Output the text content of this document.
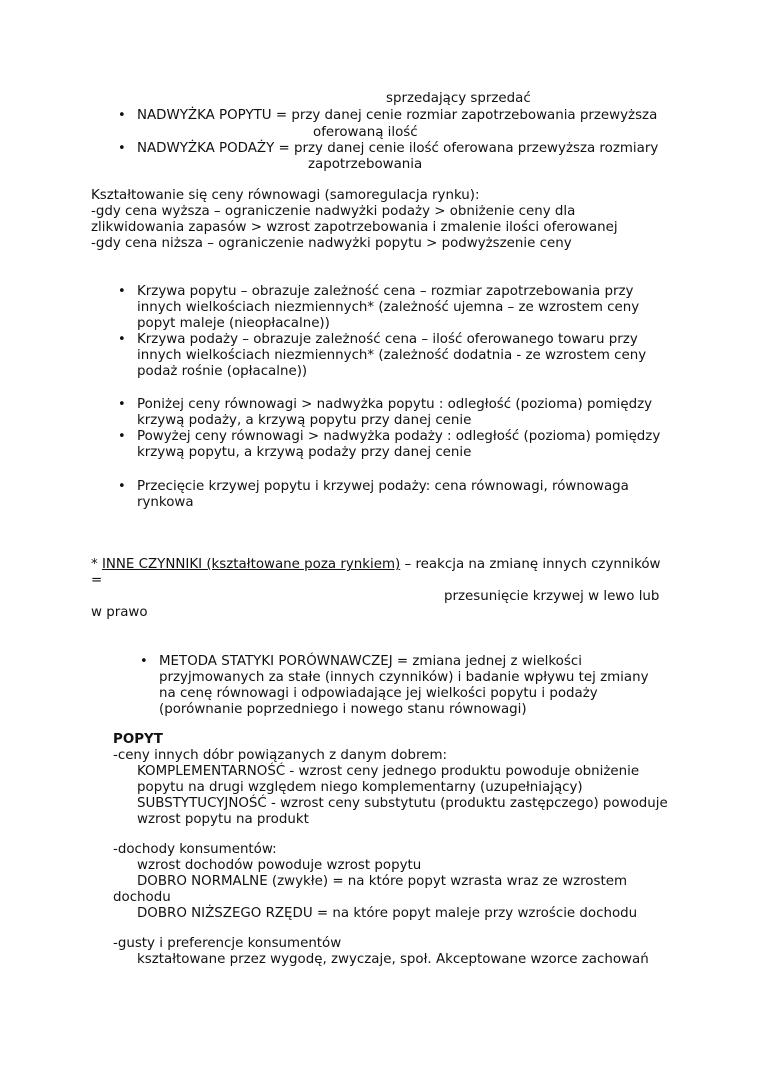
sprzedający sprzedać
• NADWYŻKA POPYTU = przy danej cenie rozmiar zapotrzebowania przewyższa
oferowaną ilość
• NADWYŻKA PODAŻY = przy danej cenie ilość oferowana przewyższa rozmiary
zapotrzebowania
Kształtowanie się ceny równowagi (samoregulacja rynku):
-gdy cena wyższa – ograniczenie nadwyżki podaży > obniżenie ceny dla
zlikwidowania zapasów > wzrost zapotrzebowania i zmalenie ilości oferowanej
-gdy cena niższa – ograniczenie nadwyżki popytu > podwyższenie ceny
• Krzywa popytu – obrazuje zależność cena – rozmiar zapotrzebowania przy
innych wielkościach niezmiennych* (zależność ujemna – ze wzrostem ceny
popyt maleje (nieopłacalne))
• Krzywa podaży – obrazuje zależność cena – ilość oferowanego towaru przy
innych wielkościach niezmiennych* (zależność dodatnia - ze wzrostem ceny
podaż rośnie (opłacalne))
• Poniżej ceny równowagi > nadwyżka popytu : odległość (pozioma) pomiędzy
krzywą podaży, a krzywą popytu przy danej cenie
• Powyżej ceny równowagi > nadwyżka podaży : odległość (pozioma) pomiędzy
krzywą popytu, a krzywą podaży przy danej cenie
• Przecięcie krzywej popytu i krzywej podaży: cena równowagi, równowaga
rynkowa
* INNE CZYNNIKI (kształtowane poza rynkiem) – reakcja na zmianę innych czynników
=
przesunięcie krzywej w lewo lub
w prawo
• METODA STATYKI PORÓWNAWCZEJ = zmiana jednej z wielkości
przyjmowanych za stałe (innych czynników) i badanie wpływu tej zmiany
na cenę równowagi i odpowiadające jej wielkości popytu i podaży
(porównanie poprzedniego i nowego stanu równowagi)
POPYT
-ceny innych dóbr powiązanych z danym dobrem:
KOMPLEMENTARNOŚĆ - wzrost ceny jednego produktu powoduje obniżenie
popytu na drugi względem niego komplementarny (uzupełniający)
SUBSTYTUCYJNOŚĆ - wzrost ceny substytutu (produktu zastępczego) powoduje
wzrost popytu na produkt
-dochody konsumentów:
wzrost dochodów powoduje wzrost popytu
DOBRO NORMALNE (zwykłe) = na które popyt wzrasta wraz ze wzrostem
dochodu
DOBRO NIŻSZEGO RZĘDU = na które popyt maleje przy wzroście dochodu
-gusty i preferencje konsumentów
kształtowane przez wygodę, zwyczaje, społ. Akceptowane wzorce zachowań
